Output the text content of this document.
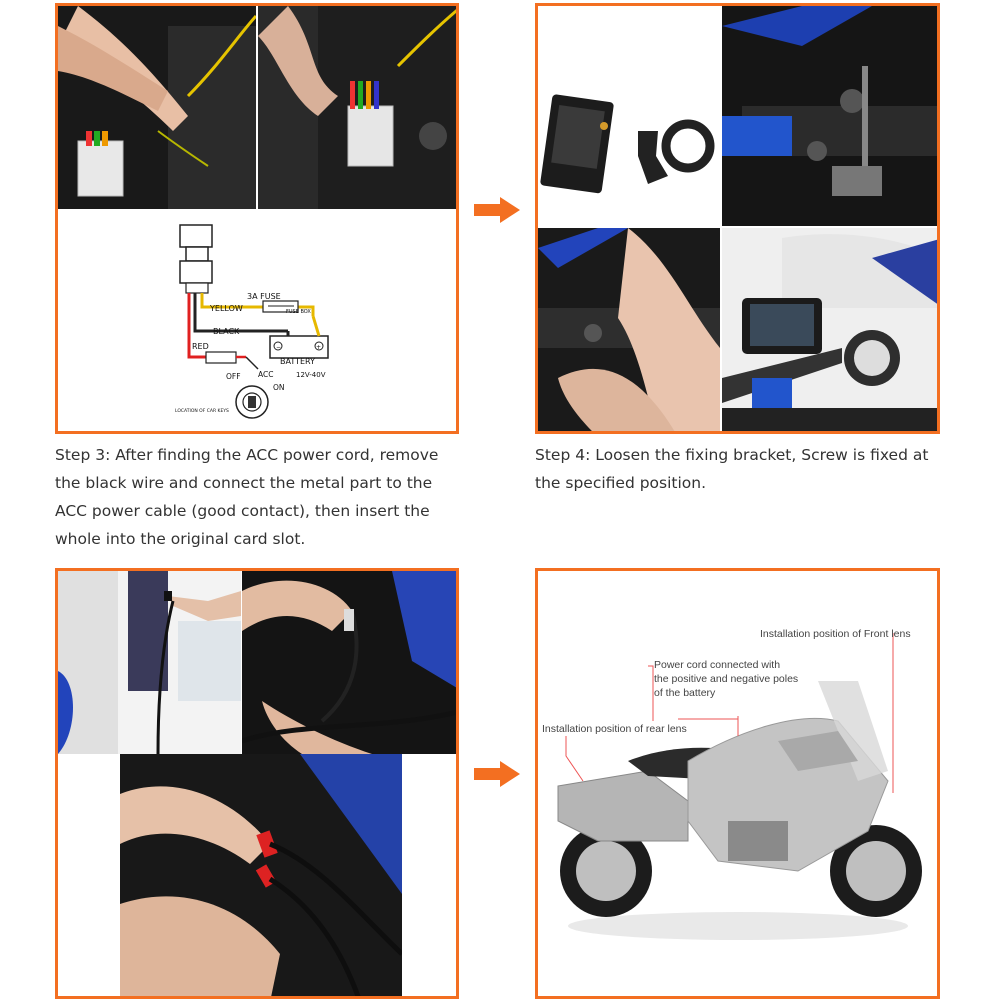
YELLOW
3A FUSE
FUSE BOX
BLACK
RED	−	+
BATTERY
12V-40V
OFF ACC
ON
LOCATION OF CAR KEYS
Step 3: After finding the ACC power cord, remove the black wire and connect the metal part to the ACC power cable (good contact), then insert the whole into the original card slot.
Step 4: Loosen the fixing bracket, Screw is fixed at the specified position.
Installation position of Front lens
Power cord connected with
the positive and negative poles
of the battery
Installation position of rear lens
